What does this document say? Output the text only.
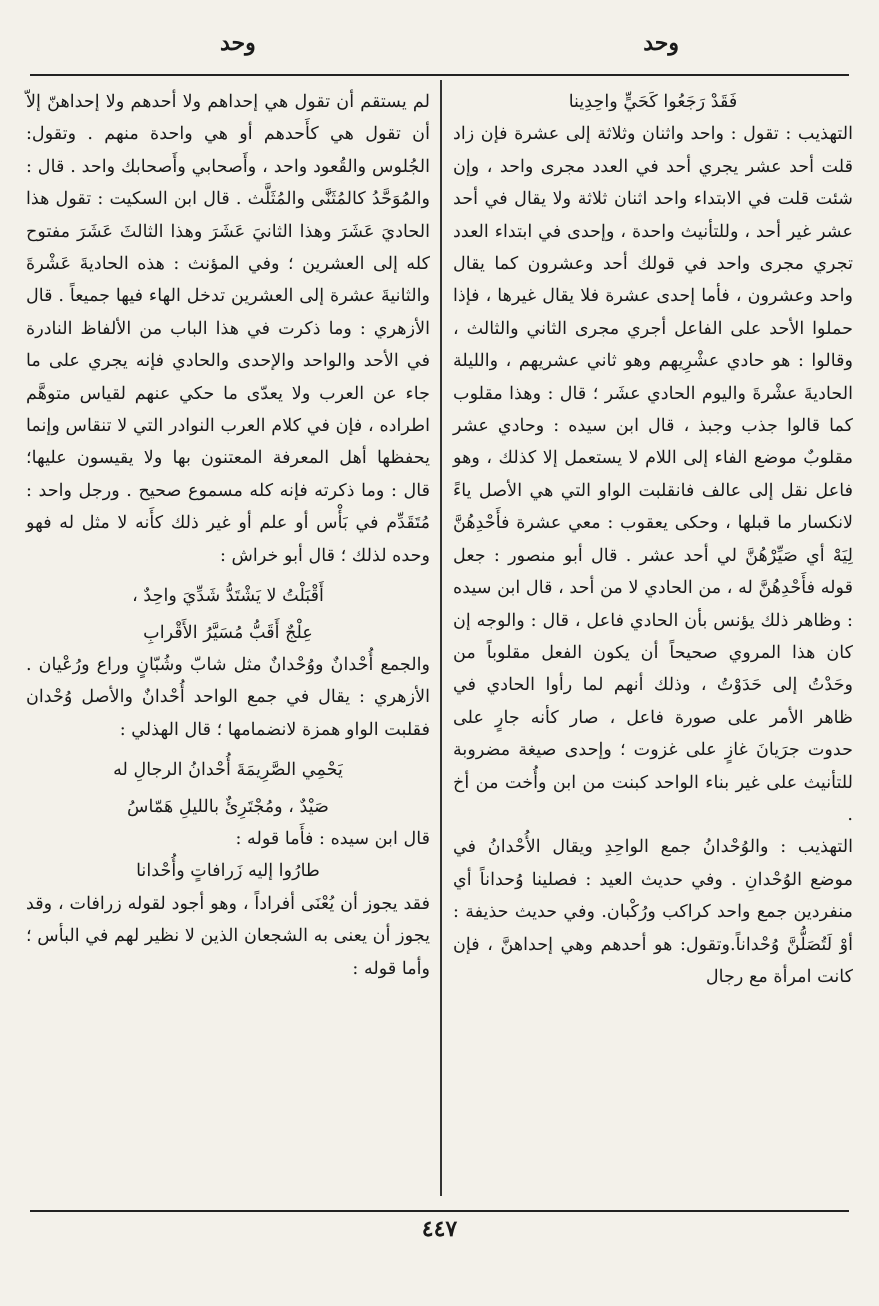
وحد
وحد

فَقَدْ رَجَعُوا كَحَيٍّ واحِدِينا

التهذيب : تقول : واحد واثنان وثلاثة إلى عشرة فإن زاد قلت أحد عشر يجري أحد في العدد مجرى واحد ، وإن شئت قلت في الابتداء واحد اثنان ثلاثة ولا يقال في أحد عشر غير أحد ، وللتأنيث واحدة ، وإحدى في ابتداء العدد تجري مجرى واحد في قولك أحد وعشرون كما يقال واحد وعشرون ، فأما إحدى عشرة فلا يقال غيرها ، فإذا حملوا الأحد على الفاعل أجري مجرى الثاني والثالث ، وقالوا : هو حادي عشْرِيهم وهو ثاني عشريهم ، والليلة الحاديةَ عشْرةَ واليوم الحادي عشَر ؛ قال : وهذا مقلوب كما قالوا جذب وجبذ ، قال ابن سيده : وحادي عشر مقلوبٌ موضع الفاء إلى اللام لا يستعمل إلا كذلك ، وهو فاعل نقل إلى عالف فانقلبت الواو التي هي الأصل ياءً لانكسار ما قبلها ، وحكى يعقوب : معي عشرة فأَحْدِهُنَّ لِيَهْ أي صَيِّرْهُنَّ لي أحد عشر . قال أبو منصور : جعل قوله فأَحْدِهُنَّ له ، من الحادي لا من أحد ، قال ابن سيده : وظاهر ذلك يؤنس بأن الحادي فاعل ، قال : والوجه إن كان هذا المروي صحيحاً أن يكون الفعل مقلوباً من وحَدْتُ إلى حَدَوْتُ ، وذلك أنهم لما رأوا الحادي في ظاهر الأمر على صورة فاعل ، صار كأنه جارٍ على حدوت جرَيانَ غازٍ على غزوت ؛ وإحدى صيغة مضروبة للتأنيث على غير بناء الواحد كبنت من ابن وأُخت من أخ .

التهذيب : والوُحْدانُ جمع الواحِدِ ويقال الأُحْدانُ في موضع الوُحْدانِ . وفي حديث العيد : فصلينا وُحداناً أي منفردين جمع واحد كراكب ورُكْبان. وفي حديث حذيفة : أوْ لَتُصَلُّنَّ وُحْداناً.وتقول: هو أحدهم وهي إحداهنَّ ، فإن كانت امرأة مع رجال

لم يستقم أن تقول هي إحداهم ولا أحدهم ولا إحداهنّ إلاّ أن تقول هي كأَحدهم أو هي واحدة منهم . وتقول: الجُلوس والقُعود واحد ، وأَصحابي وأَصحابك واحد . قال : والمُوَحَّدُ كالمُثَنَّى والمُثَلَّث . قال ابن السكيت : تقول هذا الحاديَ عَشَرَ وهذا الثانيَ عَشَرَ وهذا الثالثَ عَشَرَ مفتوح كله إلى العشرين ؛ وفي المؤنث : هذه الحاديةَ عَشْرةَ والثانيةَ عشرة إلى العشرين تدخل الهاء فيها جميعاً . قال الأزهري : وما ذكرت في هذا الباب من الألفاظ النادرة في الأحد والواحد والإحدى والحادي فإنه يجري على ما جاء عن العرب ولا يعدّى ما حكي عنهم لقياس متوهَّم اطراده ، فإن في كلام العرب النوادر التي لا تنقاس وإنما يحفظها أهل المعرفة المعتنون بها ولا يقيسون عليها؛ قال : وما ذكرته فإنه كله مسموع صحيح . ورجل واحد : مُتَقَدِّم في بَأْس أو علم أو غير ذلك كأَنه لا مثل له فهو وحده لذلك ؛ قال أبو خراش :

أَقْبَلْتُ لا يَشْتَدُّ شَدِّيَ واحِدٌ ،

عِلْجٌ أَقَبُّ مُسَيَّرُ الأَقْرابِ

والجمع أُحْدانٌ ووُحْدانٌ مثل شابّ وشُبّانٍ وراع ورُعْيان . الأزهري : يقال في جمع الواحد أُحْدانٌ والأصل وُحْدان فقلبت الواو همزة لانضمامها ؛ قال الهذلي :

يَحْمِي الصَّرِيمَةَ أُحْدانُ الرجالِ له

صَيْدٌ ، ومُجْتَرِئٌ بالليلِ هَمّاسُ

قال ابن سيده : فأَما قوله :

طارُوا إليه زَرافاتٍ وأُحْدانا

فقد يجوز أن يُعْنَى أفراداً ، وهو أجود لقوله زرافات ، وقد يجوز أن يعنى به الشجعان الذين لا نظير لهم في البأس ؛ وأما قوله :

٤٤٧
